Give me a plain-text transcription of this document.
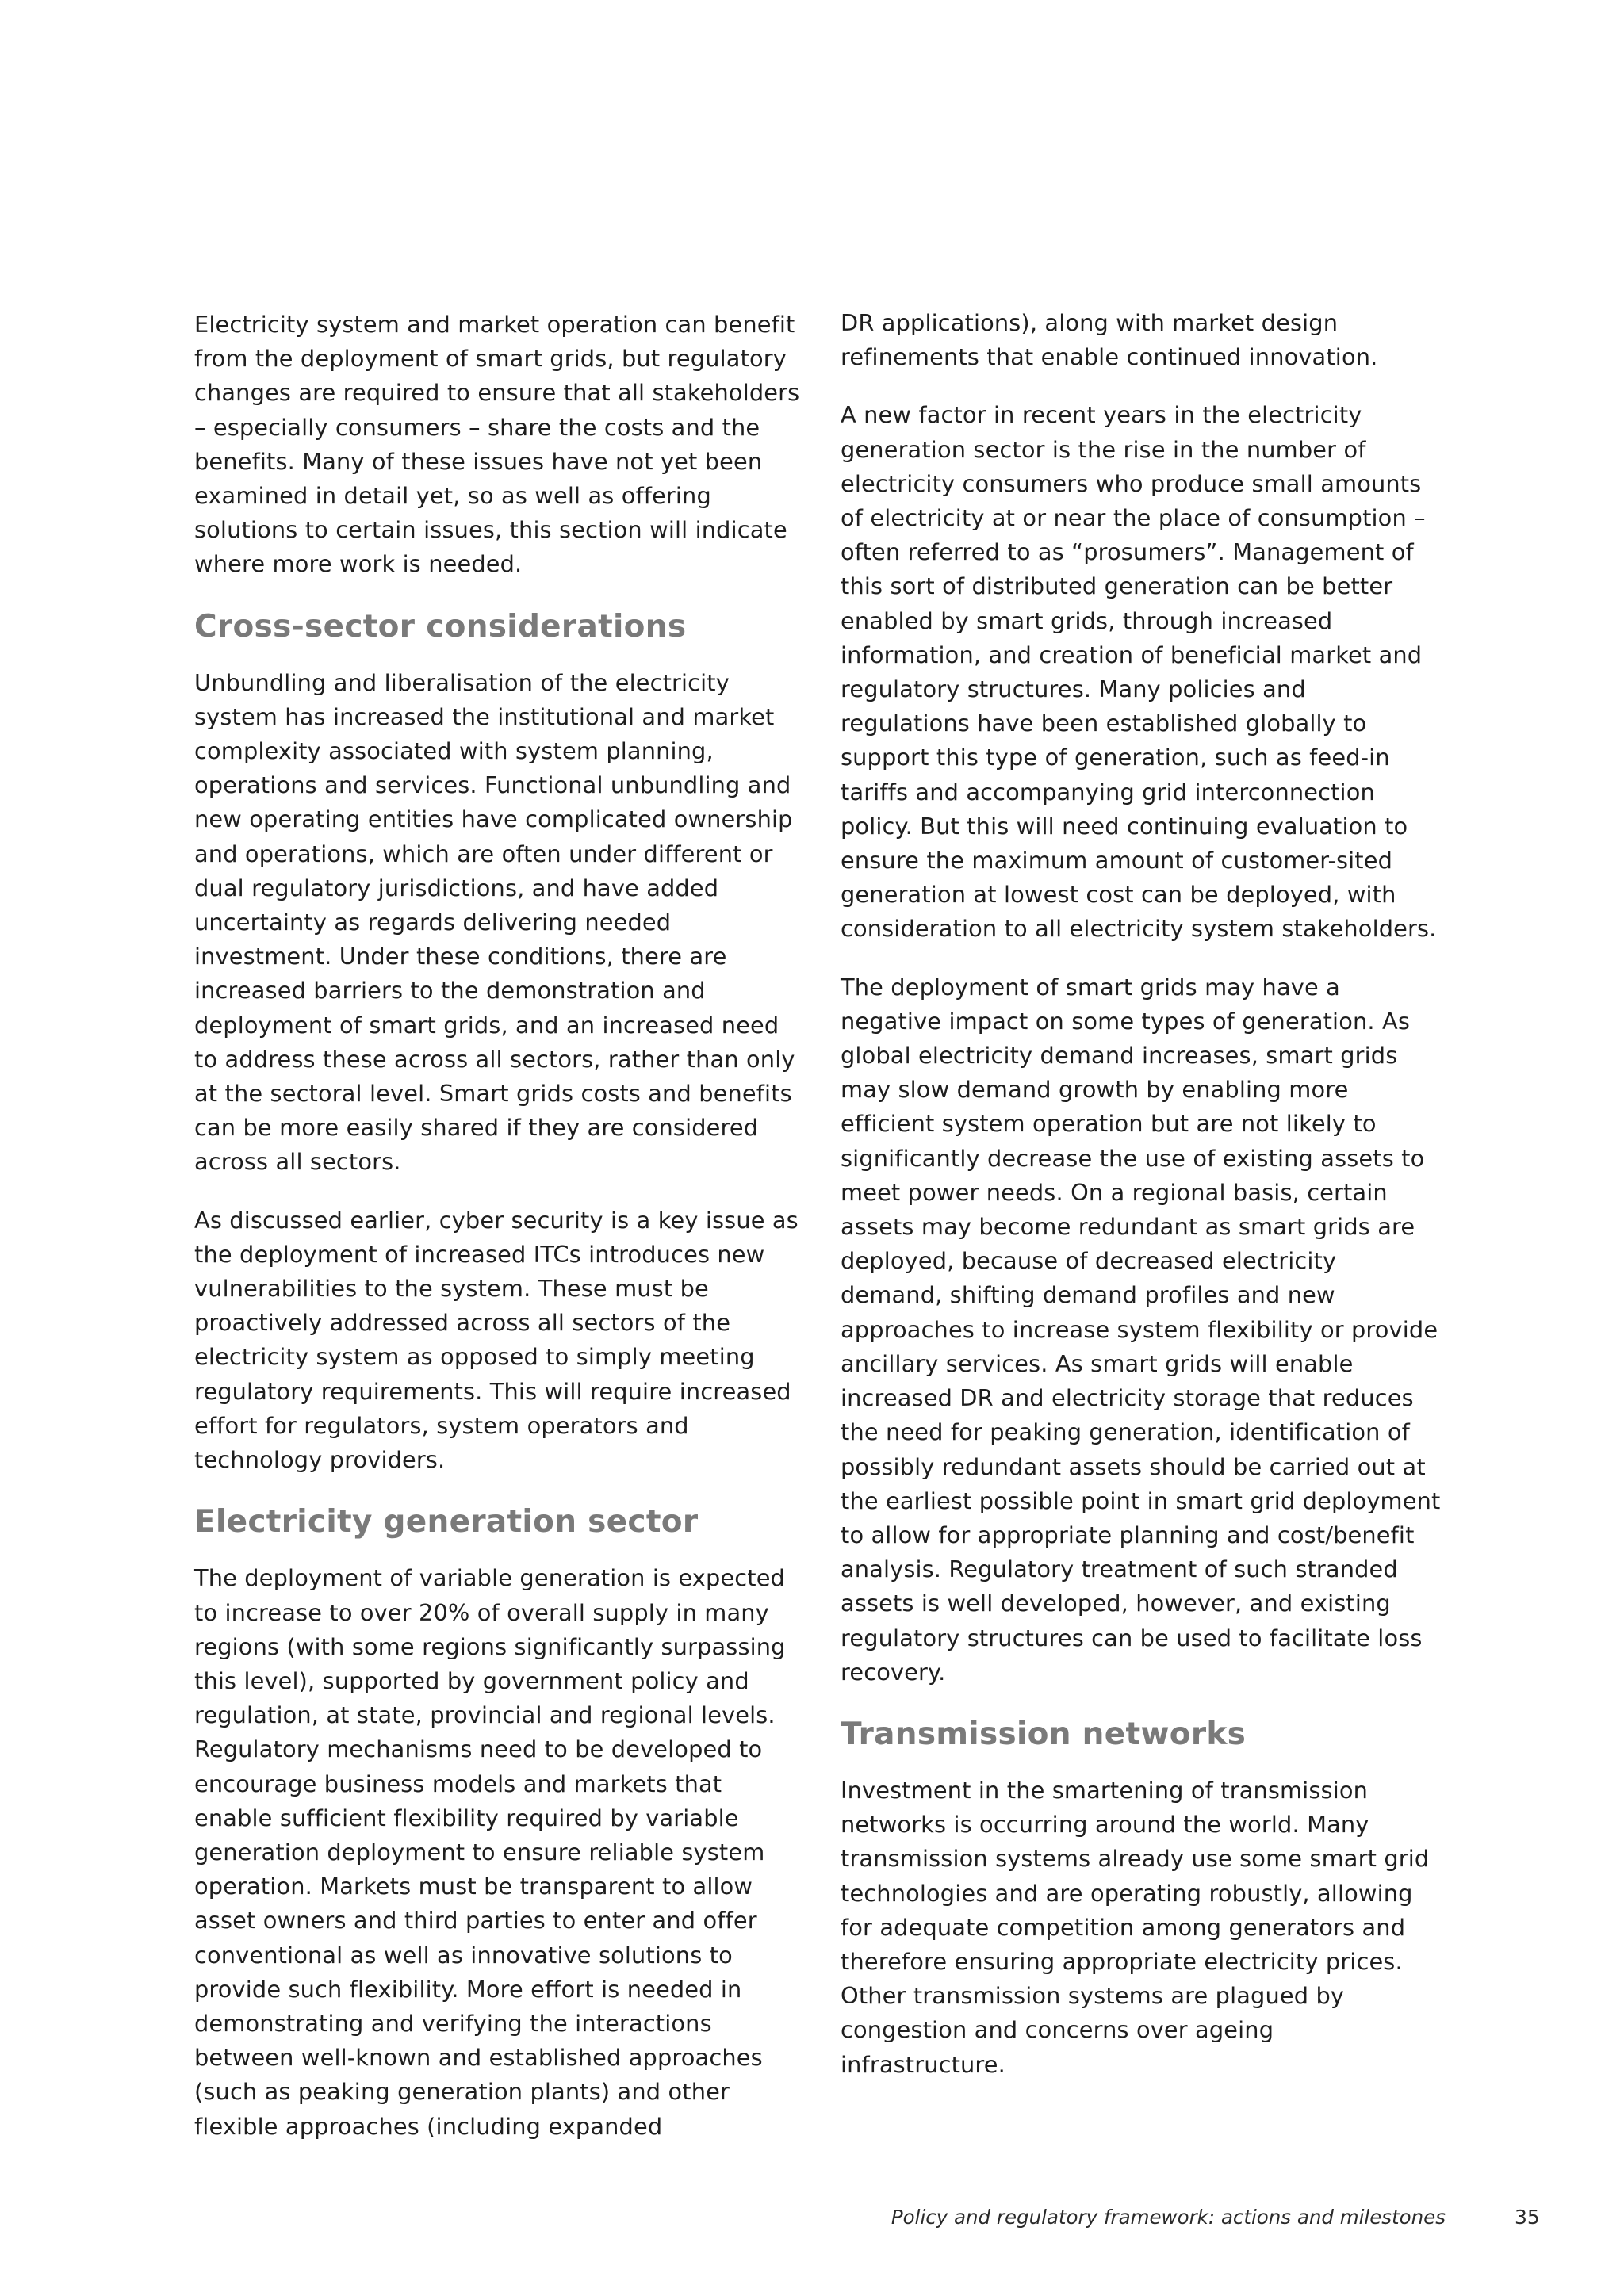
Electricity system and market operation can benefit from the deployment of smart grids, but regulatory changes are required to ensure that all stakeholders – especially consumers – share the costs and the benefits. Many of these issues have not yet been examined in detail yet, so as well as offering solutions to certain issues, this section will indicate where more work is needed.

Cross-sector considerations

Unbundling and liberalisation of the electricity system has increased the institutional and market complexity associated with system planning, operations and services. Functional unbundling and new operating entities have complicated ownership and operations, which are often under different or dual regulatory jurisdictions, and have added uncertainty as regards delivering needed investment. Under these conditions, there are increased barriers to the demonstration and deployment of smart grids, and an increased need to address these across all sectors, rather than only at the sectoral level. Smart grids costs and benefits can be more easily shared if they are considered across all sectors.

As discussed earlier, cyber security is a key issue as the deployment of increased ITCs introduces new vulnerabilities to the system. These must be proactively addressed across all sectors of the electricity system as opposed to simply meeting regulatory requirements. This will require increased effort for regulators, system operators and technology providers.

Electricity generation sector

The deployment of variable generation is expected to increase to over 20% of overall supply in many regions (with some regions significantly surpassing this level), supported by government policy and regulation, at state, provincial and regional levels. Regulatory mechanisms need to be developed to encourage business models and markets that enable sufficient flexibility required by variable generation deployment to ensure reliable system operation. Markets must be transparent to allow asset owners and third parties to enter and offer conventional as well as innovative solutions to provide such flexibility. More effort is needed in demonstrating and verifying the interactions between well-known and established approaches (such as peaking generation plants) and other flexible approaches (including expanded

DR applications), along with market design refinements that enable continued innovation.

A new factor in recent years in the electricity generation sector is the rise in the number of electricity consumers who produce small amounts of electricity at or near the place of consumption – often referred to as “prosumers”. Management of this sort of distributed generation can be better enabled by smart grids, through increased information, and creation of beneficial market and regulatory structures. Many policies and regulations have been established globally to support this type of generation, such as feed-in tariffs and accompanying grid interconnection policy. But this will need continuing evaluation to ensure the maximum amount of customer-sited generation at lowest cost can be deployed, with consideration to all electricity system stakeholders.

The deployment of smart grids may have a negative impact on some types of generation. As global electricity demand increases, smart grids may slow demand growth by enabling more efficient system operation but are not likely to significantly decrease the use of existing assets to meet power needs. On a regional basis, certain assets may become redundant as smart grids are deployed, because of decreased electricity demand, shifting demand profiles and new approaches to increase system flexibility or provide ancillary services. As smart grids will enable increased DR and electricity storage that reduces the need for peaking generation, identification of possibly redundant assets should be carried out at the earliest possible point in smart grid deployment to allow for appropriate planning and cost/benefit analysis. Regulatory treatment of such stranded assets is well developed, however, and existing regulatory structures can be used to facilitate loss recovery.

Transmission networks

Investment in the smartening of transmission networks is occurring around the world. Many transmission systems already use some smart grid technologies and are operating robustly, allowing for adequate competition among generators and therefore ensuring appropriate electricity prices. Other transmission systems are plagued by congestion and concerns over ageing infrastructure.

Policy and regulatory framework: actions and milestones	35
